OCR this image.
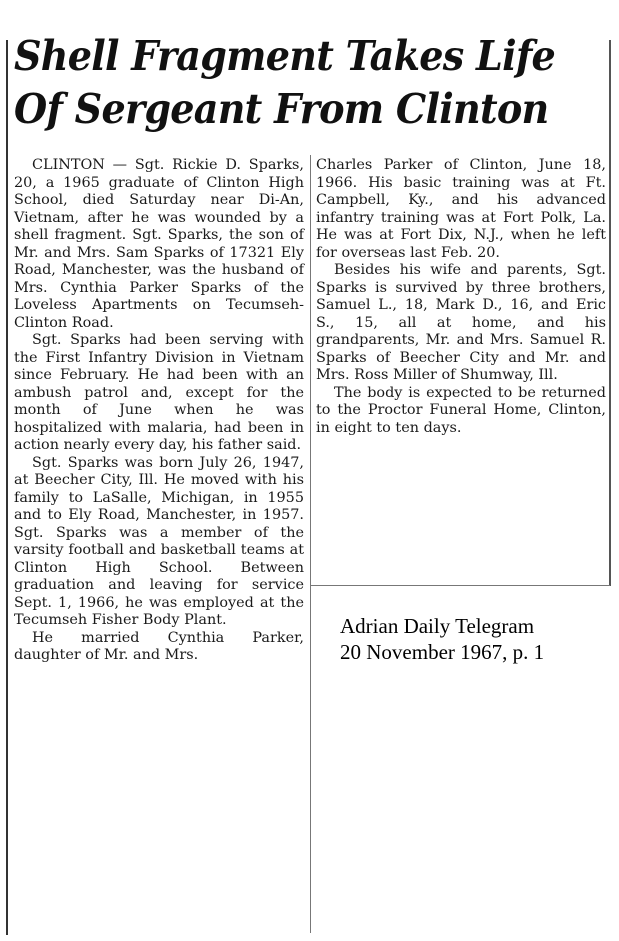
Shell Fragment Takes Life
Of Sergeant From Clinton

CLINTON — Sgt. Rickie D. Sparks, 20, a 1965 graduate of Clinton High School, died Saturday near Di-An, Vietnam, after he was wounded by a shell fragment. Sgt. Sparks, the son of Mr. and Mrs. Sam Sparks of 17321 Ely Road, Manchester, was the husband of Mrs. Cynthia Parker Sparks of the Loveless Apartments on Tecumseh-Clinton Road.

Sgt. Sparks had been serving with the First Infantry Division in Vietnam since February. He had been with an ambush patrol and, except for the month of June when he was hospitalized with malaria, had been in action nearly every day, his father said.

Sgt. Sparks was born July 26, 1947, at Beecher City, Ill. He moved with his family to LaSalle, Michigan, in 1955 and to Ely Road, Manchester, in 1957. Sgt. Sparks was a member of the varsity football and basketball teams at Clinton High School. Between graduation and leaving for service Sept. 1, 1966, he was employed at the Tecumseh Fisher Body Plant.

He married Cynthia Parker, daughter of Mr. and Mrs.

Charles Parker of Clinton, June 18, 1966. His basic training was at Ft. Campbell, Ky., and his advanced infantry training was at Fort Polk, La. He was at Fort Dix, N.J., when he left for overseas last Feb. 20.

Besides his wife and parents, Sgt. Sparks is survived by three brothers, Samuel L., 18, Mark D., 16, and Eric S., 15, all at home, and his grandparents, Mr. and Mrs. Samuel R. Sparks of Beecher City and Mr. and Mrs. Ross Miller of Shumway, Ill.

The body is expected to be returned to the Proctor Funeral Home, Clinton, in eight to ten days.

Adrian Daily Telegram
20 November 1967, p. 1
